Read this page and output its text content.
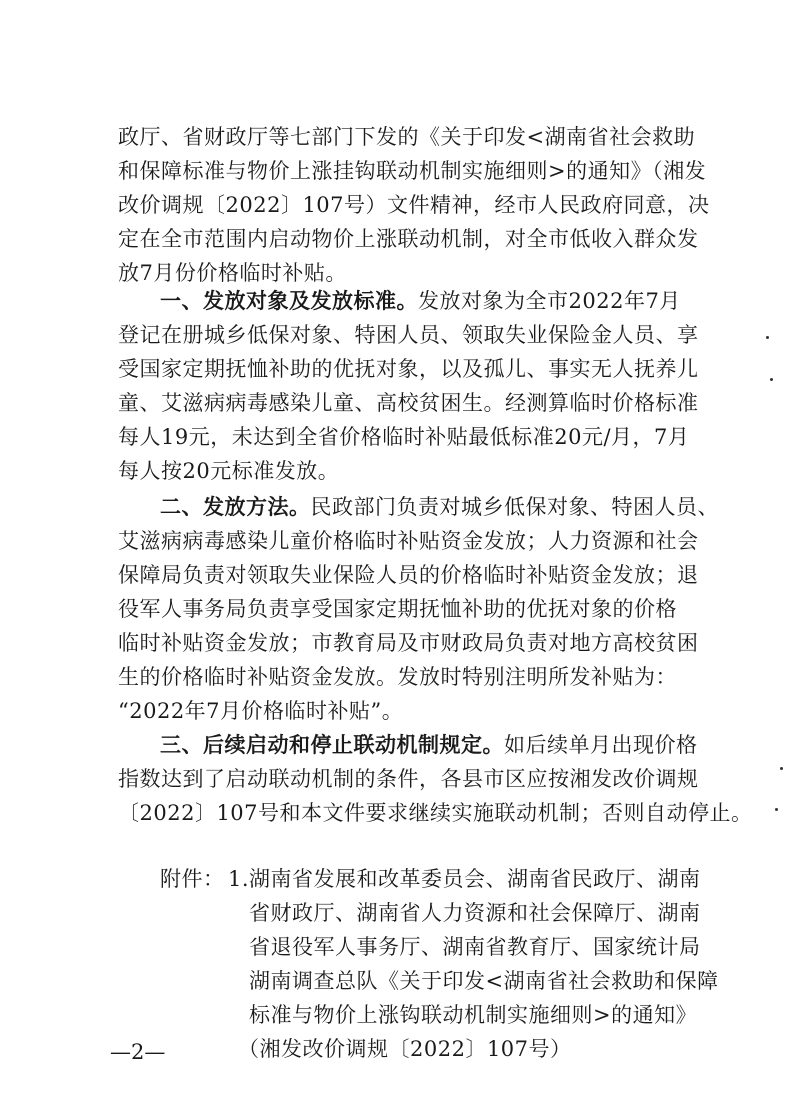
政厅、省财政厅等七部门下发的《关于印发<湖南省社会救助
和保障标准与物价上涨挂钩联动机制实施细则>的通知》（湘发
改价调规〔2022〕107号）文件精神，经市人民政府同意，决
定在全市范围内启动物价上涨联动机制，对全市低收入群众发
放7月份价格临时补贴。
一、发放对象及发放标准。发放对象为全市2022年7月
登记在册城乡低保对象、特困人员、领取失业保险金人员、享
受国家定期抚恤补助的优抚对象，以及孤儿、事实无人抚养儿
童、艾滋病病毒感染儿童、高校贫困生。经测算临时价格标准
每人19元，未达到全省价格临时补贴最低标准20元/月，7月
每人按20元标准发放。
二、发放方法。民政部门负责对城乡低保对象、特困人员、
艾滋病病毒感染儿童价格临时补贴资金发放；人力资源和社会
保障局负责对领取失业保险人员的价格临时补贴资金发放；退
役军人事务局负责享受国家定期抚恤补助的优抚对象的价格
临时补贴资金发放；市教育局及市财政局负责对地方高校贫困
生的价格临时补贴资金发放。发放时特别注明所发补贴为：
“2022年7月价格临时补贴”。
三、后续启动和停止联动机制规定。如后续单月出现价格
指数达到了启动联动机制的条件，各县市区应按湘发改价调规
〔2022〕107号和本文件要求继续实施联动机制；否则自动停止。
附件： 1.湖南省发展和改革委员会、湖南省民政厅、湖南
省财政厅、湖南省人力资源和社会保障厅、湖南
省退役军人事务厅、湖南省教育厅、国家统计局
湖南调查总队《关于印发<湖南省社会救助和保障
标准与物价上涨钩联动机制实施细则>的通知》
（湘发改价调规〔2022〕107号）
—2—
